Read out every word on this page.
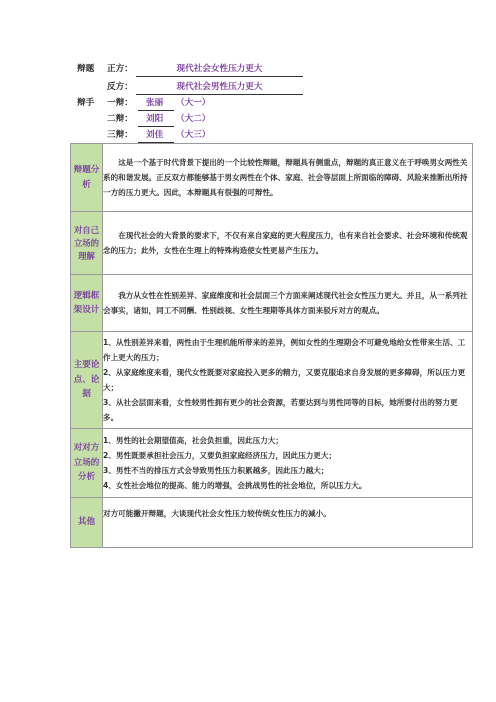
辩题 正方：	现代社会女性压力更大
反方：	现代社会男性压力更大
辩手 一辩：	张丽	（大一）
二辩：	刘阳	（大二）
三辩：	刘佳	（大三）
辩题分析	这是一个基于时代背景下提出的一个比较性辩题，辩题具有侧重点，辩题的真正意义在于呼唤男女两性关系的和谐发展。正反双方都能够基于男女两性在个体、家庭、社会等层面上所面临的障碍、风险来推断出所持一方的压力更大。因此，本辩题具有很强的可辩性。

对自己立场的理解	在现代社会的大背景的要求下，不仅有来自家庭的更大程度压力，也有来自社会要求、社会环境和传统观念的压力；此外，女性在生理上的特殊构造使女性更易产生压力。

逻辑框架设计	我方从女性在性别差异、家庭维度和社会层面三个方面来阐述现代社会女性压力更大。并且，从一系列社会事实，诸如，同工不同酬、性别歧视、女性生理期等具体方面来驳斥对方的观点。

主要论点、论据	1、从性别差异来看，两性由于生理机能所带来的差异，例如女性的生理期会不可避免地给女性带来生活、工作上更大的压力；

2、从家庭维度来看，现代女性既要对家庭投入更多的精力，又要克服追求自身发展的更多障碍，所以压力更大；

3、从社会层面来看，女性较男性拥有更少的社会资源，若要达到与男性同等的目标，她所要付出的努力更多。

对对方立场的分析	1、男性的社会期望值高，社会负担重，因此压力大；

2、男性既要承担社会压力，又要负担家庭经济压力，因此压力更大；

3、男性不当的排压方式会导致男性压力积累越多，因此压力越大；

4、女性社会地位的提高、能力的增强，会挑战男性的社会地位，所以压力大。

其他	对方可能撇开辩题，大谈现代社会女性压力较传统女性压力的减小。
